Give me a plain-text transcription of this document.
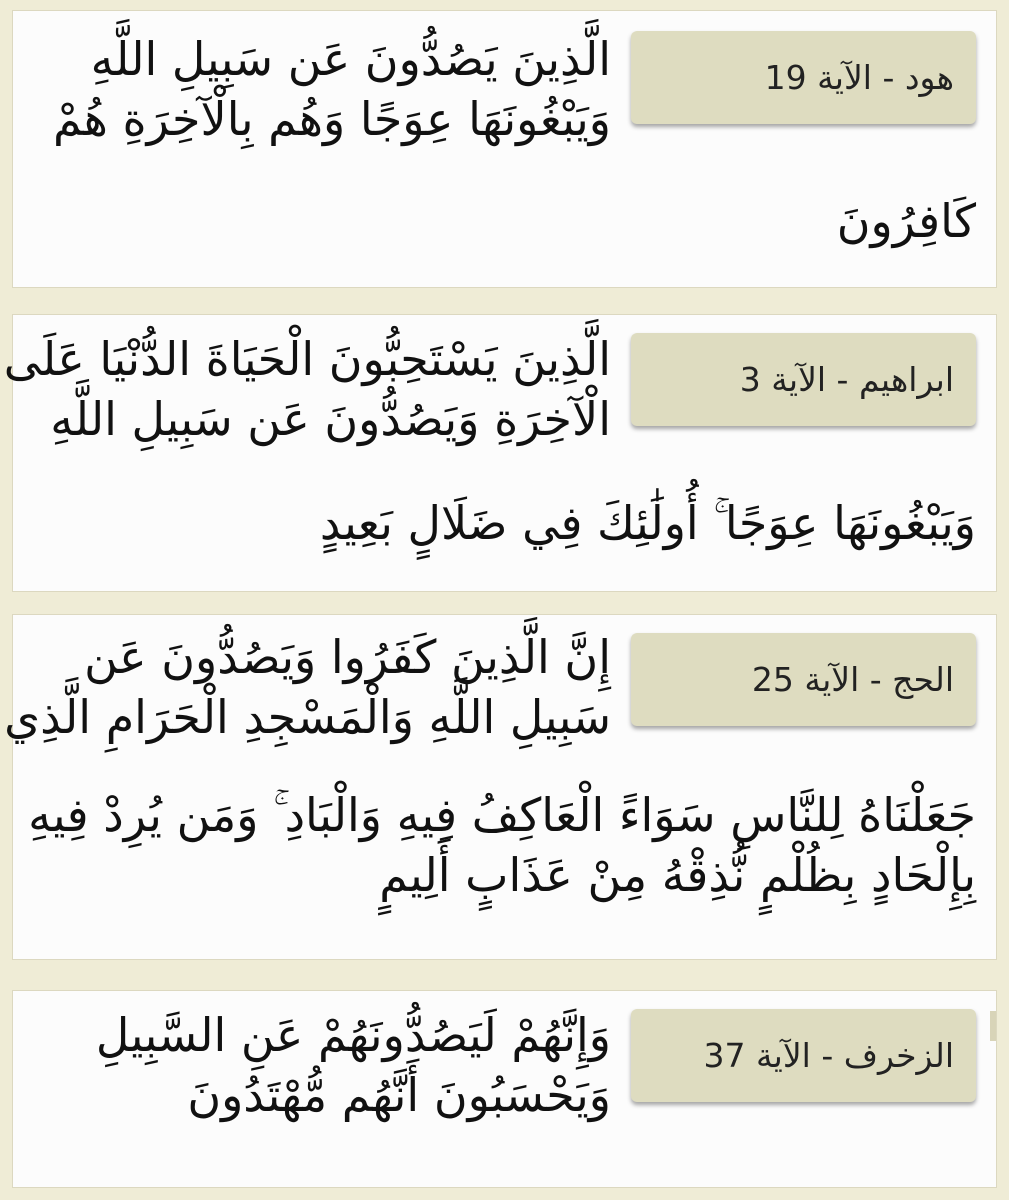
هود - الآية 19
الَّذِينَ يَصُدُّونَ عَن سَبِيلِ اللَّهِ
وَيَبْغُونَهَا عِوَجًا وَهُم بِالْآخِرَةِ هُمْ
كَافِرُونَ
ابراهيم - الآية 3
الَّذِينَ يَسْتَحِبُّونَ الْحَيَاةَ الدُّنْيَا عَلَى
الْآخِرَةِ وَيَصُدُّونَ عَن سَبِيلِ اللَّهِ
وَيَبْغُونَهَا عِوَجًا ۚ أُولَٰئِكَ فِي ضَلَالٍ بَعِيدٍ
الحج - الآية 25
إِنَّ الَّذِينَ كَفَرُوا وَيَصُدُّونَ عَن
سَبِيلِ اللَّهِ وَالْمَسْجِدِ الْحَرَامِ الَّذِي
جَعَلْنَاهُ لِلنَّاسِ سَوَاءً الْعَاكِفُ فِيهِ وَالْبَادِ ۚ وَمَن يُرِدْ فِيهِ
بِإِلْحَادٍ بِظُلْمٍ نُّذِقْهُ مِنْ عَذَابٍ أَلِيمٍ
الزخرف - الآية 37
وَإِنَّهُمْ لَيَصُدُّونَهُمْ عَنِ السَّبِيلِ
وَيَحْسَبُونَ أَنَّهُم مُّهْتَدُونَ
